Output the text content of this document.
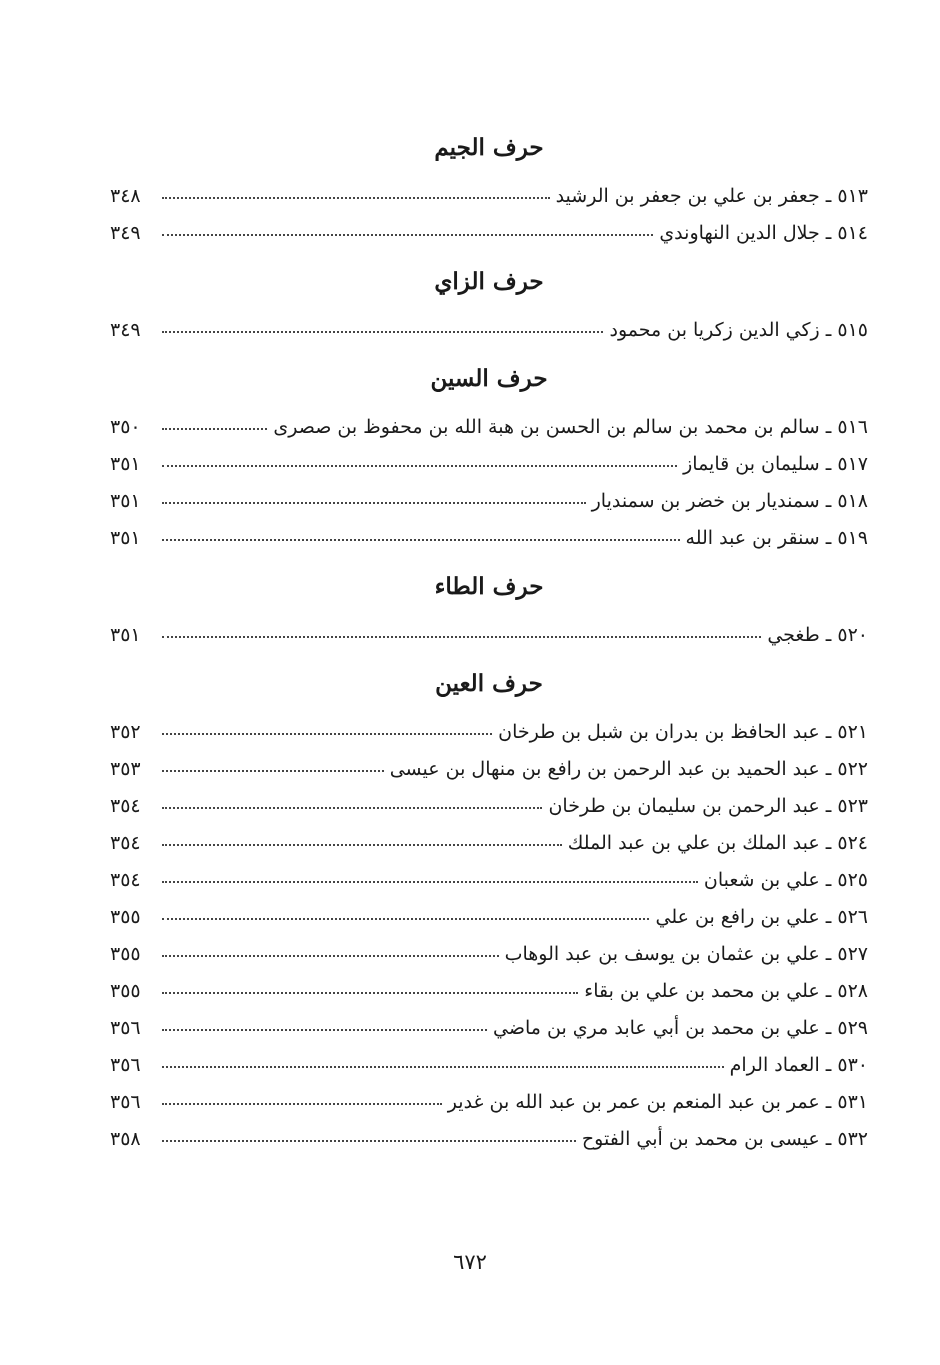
حرف الجيم
٥١٣ ـ جعفر بن علي بن جعفر بن الرشيد
٣٤٨
٥١٤ ـ جلال الدين النهاوندي
٣٤٩
حرف الزاي
٥١٥ ـ زكي الدين زكريا بن محمود
٣٤٩
حرف السين
٥١٦ ـ سالم بن محمد بن سالم بن الحسن بن هبة الله بن محفوظ بن صصرى
٣٥٠
٥١٧ ـ سليمان بن قايماز
٣٥١
٥١٨ ـ سمنديار بن خضر بن سمنديار
٣٥١
٥١٩ ـ سنقر بن عبد الله
٣٥١
حرف الطاء
٥٢٠ ـ طغجي
٣٥١
حرف العين
٥٢١ ـ عبد الحافظ بن بدران بن شبل بن طرخان
٣٥٢
٥٢٢ ـ عبد الحميد بن عبد الرحمن بن رافع بن منهال بن عيسى
٣٥٣
٥٢٣ ـ عبد الرحمن بن سليمان بن طرخان
٣٥٤
٥٢٤ ـ عبد الملك بن علي بن عبد الملك
٣٥٤
٥٢٥ ـ علي بن شعبان
٣٥٤
٥٢٦ ـ علي بن رافع بن علي
٣٥٥
٥٢٧ ـ علي بن عثمان بن يوسف بن عبد الوهاب
٣٥٥
٥٢٨ ـ علي بن محمد بن علي بن بقاء
٣٥٥
٥٢٩ ـ علي بن محمد بن أبي عابد مري بن ماضي
٣٥٦
٥٣٠ ـ العماد الرام
٣٥٦
٥٣١ ـ عمر بن عبد المنعم بن عمر بن عبد الله بن غدير
٣٥٦
٥٣٢ ـ عيسى بن محمد بن أبي الفتوح
٣٥٨
٦٧٢
